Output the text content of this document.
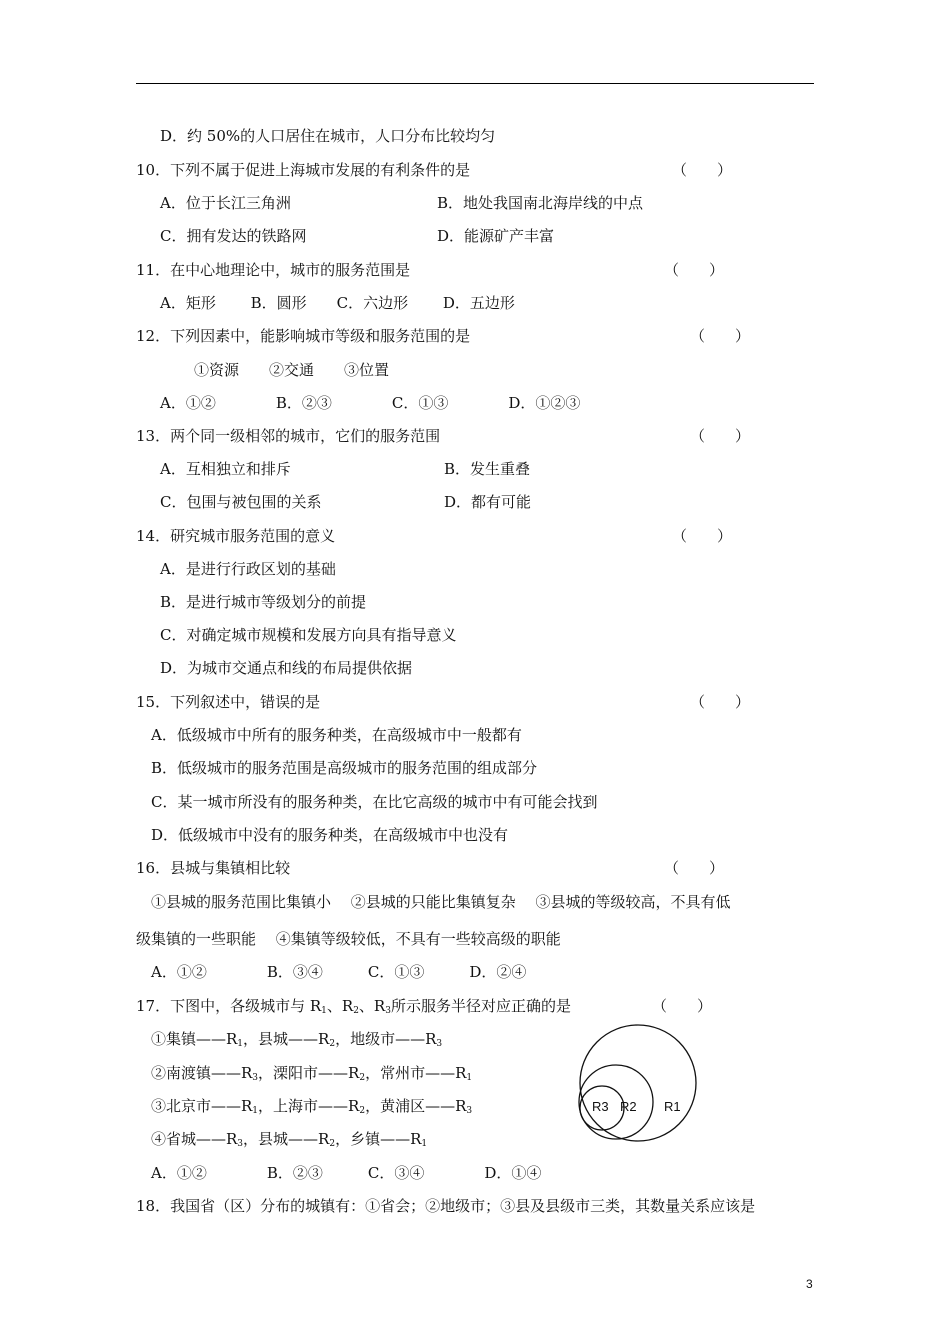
D．约 50%的人口居住在城市，人口分布比较均匀
10．下列不属于促进上海城市发展的有利条件的是	（　　）
A．位于长江三角洲	B．地处我国南北海岸线的中点
C．拥有发达的铁路网	D．能源矿产丰富
11．在中心地理论中，城市的服务范围是	（　　）
A．矩形　　 B．圆形　　C．六边形　　 D．五边形
12．下列因素中，能影响城市等级和服务范围的是	（　　）
①资源　　②交通　　③位置
A．①②　　　　B．②③　　　　C．①③　　　　D．①②③
13．两个同一级相邻的城市，它们的服务范围	（　　）
A．互相独立和排斥	B．发生重叠
C．包围与被包围的关系	D．都有可能
14．研究城市服务范围的意义	（　　）
A．是进行行政区划的基础
B．是进行城市等级划分的前提
C．对确定城市规模和发展方向具有指导意义
D．为城市交通点和线的布局提供依据
15．下列叙述中，错误的是	（　　）
A．低级城市中所有的服务种类，在高级城市中一般都有
B．低级城市的服务范围是高级城市的服务范围的组成部分
C．某一城市所没有的服务种类，在比它高级的城市中有可能会找到
D．低级城市中没有的服务种类，在高级城市中也没有
16．县城与集镇相比较	（　　）
①县城的服务范围比集镇小　 ②县城的只能比集镇复杂　 ③县城的等级较高，不具有低
级集镇的一些职能　 ④集镇等级较低，不具有一些较高级的职能
A．①②　　　　B．③④　　　C．①③　　　D．②④
17．下图中，各级城市与 $R_1$、$R_2$、$R_3$所示服务半径对应正确的是	（　　）
①集镇$——R_1$，县城$——R_2$，地级市$——R_3$
②南渡镇$——R_3$，溧阳市$——R_2$，常州市$——R_1$
③北京市$——R_1$，上海市$——R_2$，黄浦区$——R_3$
④省城$——R_3$，县城$——R_2$，乡镇$——R_1$
A．①②　　　　B．②③　　　C．③④　　　　D．①④
R3 R2 R1
18．我国省（区）分布的城镇有：①省会；②地级市；③县及县级市三类，其数量关系应该是
3
